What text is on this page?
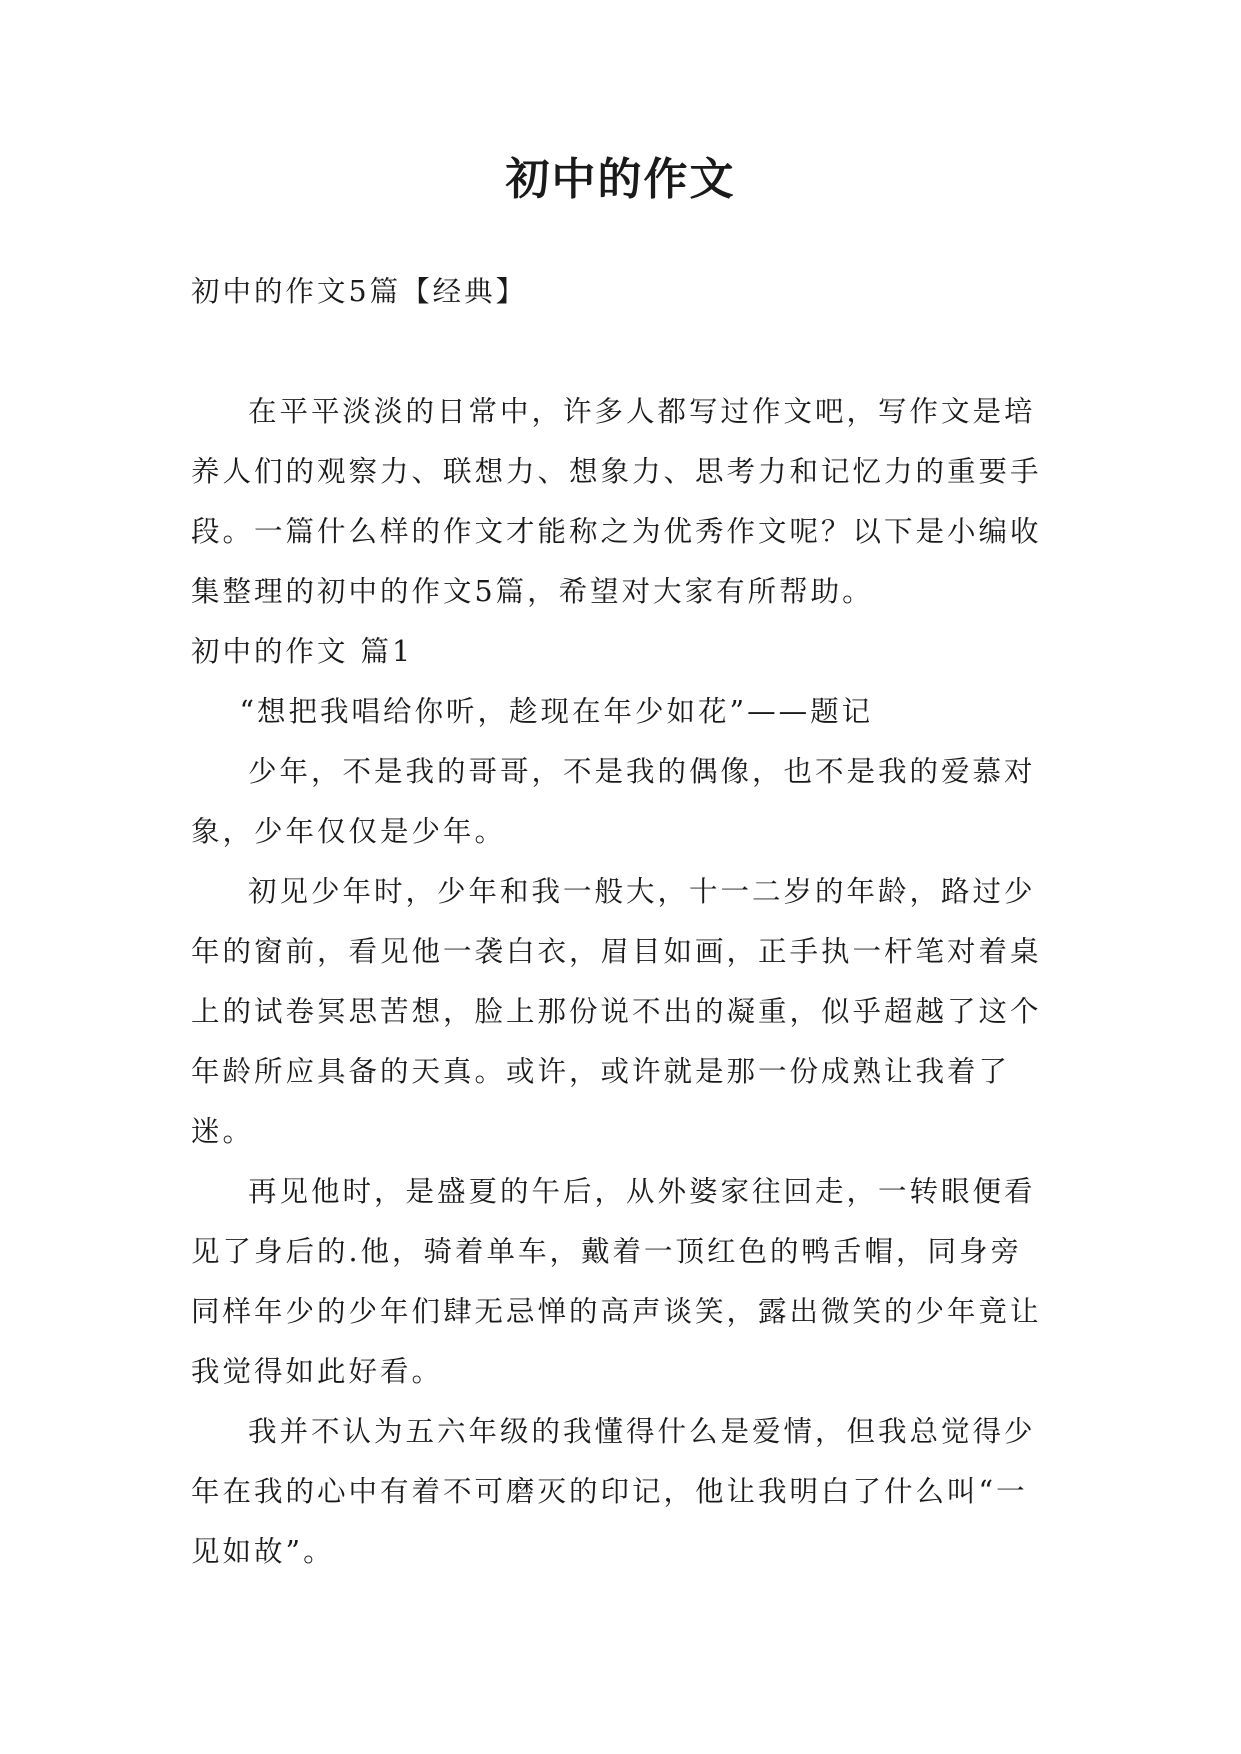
初中的作文

初中的作文5篇【经典】

在平平淡淡的日常中，许多人都写过作文吧，写作文是培养人们的观察力、联想力、想象力、思考力和记忆力的重要手段。一篇什么样的作文才能称之为优秀作文呢？以下是小编收集整理的初中的作文5篇，希望对大家有所帮助。

初中的作文 篇1

“想把我唱给你听，趁现在年少如花”——题记

少年，不是我的哥哥，不是我的偶像，也不是我的爱慕对象，少年仅仅是少年。

初见少年时，少年和我一般大，十一二岁的年龄，路过少年的窗前，看见他一袭白衣，眉目如画，正手执一杆笔对着桌上的试卷冥思苦想，脸上那份说不出的凝重，似乎超越了这个年龄所应具备的天真。或许，或许就是那一份成熟让我着了迷。

再见他时，是盛夏的午后，从外婆家往回走，一转眼便看见了身后的.他，骑着单车，戴着一顶红色的鸭舌帽，同身旁同样年少的少年们肆无忌惮的高声谈笑，露出微笑的少年竟让我觉得如此好看。

我并不认为五六年级的我懂得什么是爱情，但我总觉得少年在我的心中有着不可磨灭的印记，他让我明白了什么叫“一见如故”。
